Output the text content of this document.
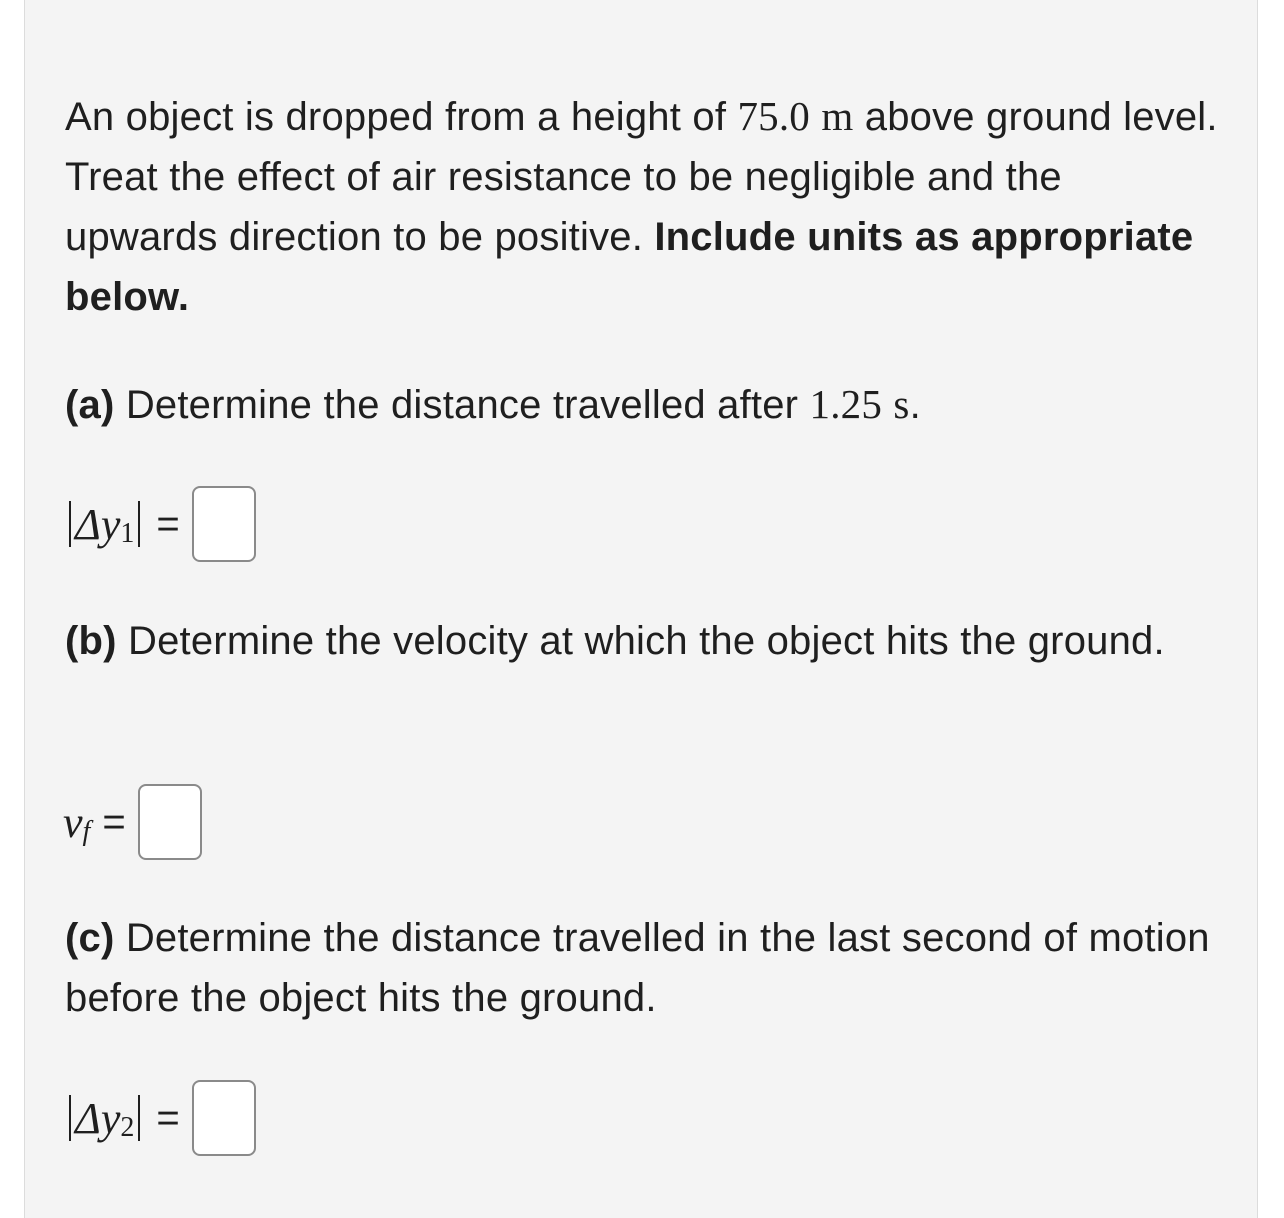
An object is dropped from a height of 75.0 m above ground level. Treat the effect of air resistance to be negligible and the upwards direction to be positive. Include units as appropriate below.
(a) Determine the distance travelled after 1.25 s.
Δy 1 =
(b) Determine the velocity at which the object hits the ground.
v f =
(c) Determine the distance travelled in the last second of motion before the object hits the ground.
Δy 2 =
